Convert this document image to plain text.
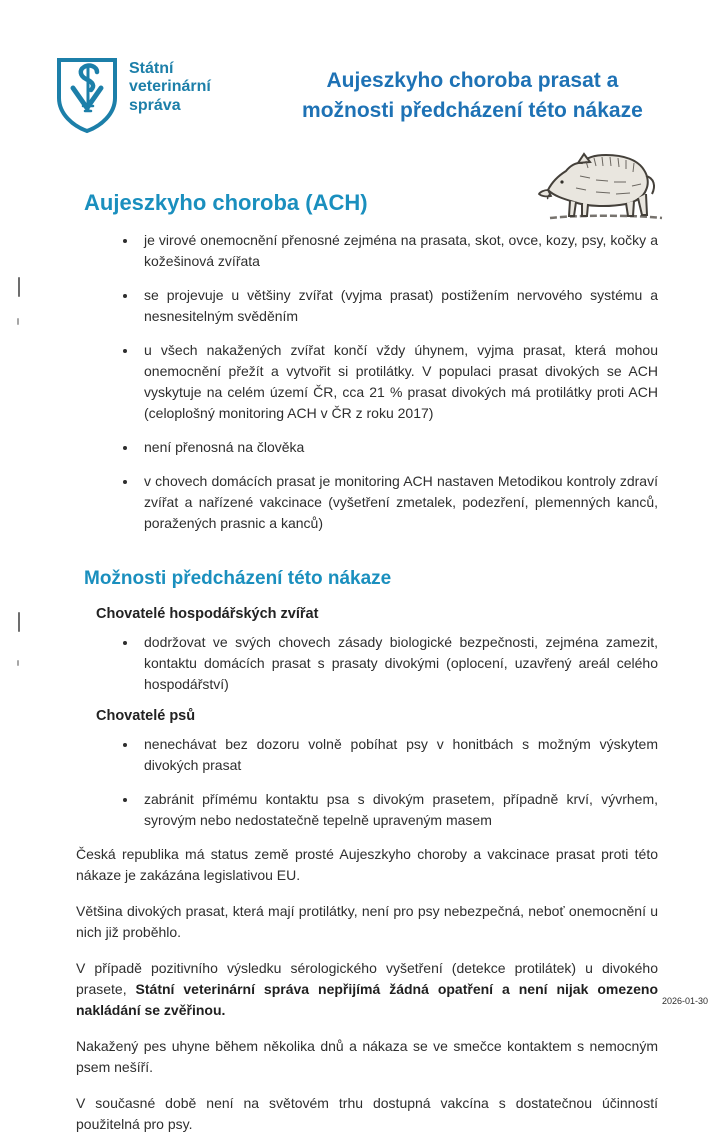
Státní
veterinární
správa
Aujeszkyho choroba prasat a
možnosti předcházení této nákaze
Aujeszkyho choroba (ACH)
• je virové onemocnění přenosné zejména na prasata, skot, ovce, kozy, psy, kočky a kožešinová zvířata
• se projevuje u většiny zvířat (vyjma prasat) postižením nervového systému a nesnesitelným svěděním
• u všech nakažených zvířat končí vždy úhynem, vyjma prasat, která mohou onemocnění přežít a vytvořit si protilátky. V populaci prasat divokých se ACH vyskytuje na celém území ČR, cca 21 % prasat divokých má protilátky proti ACH (celoplošný monitoring ACH v ČR z roku 2017)
• není přenosná na člověka
• v chovech domácích prasat je monitoring ACH nastaven Metodikou kontroly zdraví zvířat a nařízené vakcinace (vyšetření zmetalek, podezření, plemenných kanců, poražených prasnic a kanců)
Možnosti předcházení této nákaze
Chovatelé hospodářských zvířat
• dodržovat ve svých chovech zásady biologické bezpečnosti, zejména zamezit, kontaktu domácích prasat s prasaty divokými (oplocení, uzavřený areál celého hospodářství)
Chovatelé psů
• nenechávat bez dozoru volně pobíhat psy v honitbách s možným výskytem divokých prasat
• zabránit přímému kontaktu psa s divokým prasetem, případně krví, vývrhem, syrovým nebo nedostatečně tepelně upraveným masem

Česká republika má status země prosté Aujeszkyho choroby a vakcinace prasat proti této nákaze je zakázána legislativou EU.

Většina divokých prasat, která mají protilátky, není pro psy nebezpečná, neboť onemocnění u nich již proběhlo.

V případě pozitivního výsledku sérologického vyšetření (detekce protilátek) u divokého prasete, Státní veterinární správa nepřijímá žádná opatření a není nijak omezeno nakládání se zvěřinou.

Nakažený pes uhyne během několika dnů a nákaza se ve smečce kontaktem s nemocným psem nešíří.

V současné době není na světovém trhu dostupná vakcína s dostatečnou účinností použitelná pro psy.

2026-01-30
